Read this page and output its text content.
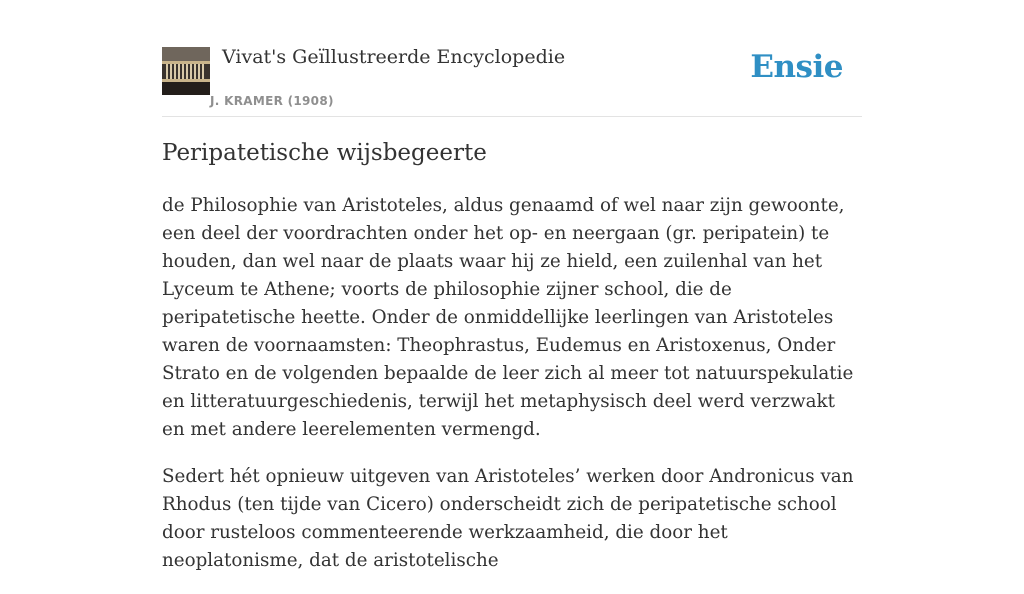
Vivat's Geïllustreerde Encyclopedie
J. KRAMER (1908)
Ensie
Peripatetische wijsbegeerte

de Philosophie van Aristoteles, aldus genaamd of wel naar zijn gewoonte, een deel der voordrachten onder het op- en neergaan (gr. peripatein) te houden, dan wel naar de plaats waar hij ze hield, een zuilenhal van het Lyceum te Athene; voorts de philosophie zijner school, die de peripatetische heette. Onder de onmiddellijke leerlingen van Aristoteles waren de voornaamsten: Theophrastus, Eudemus en Aristoxenus, Onder Strato en de volgenden bepaalde de leer zich al meer tot natuurspekulatie en litteratuurgeschiedenis, terwijl het metaphysisch deel werd verzwakt en met andere leerelementen vermengd.

Sedert hét opnieuw uitgeven van Aristoteles’ werken door Andronicus van Rhodus (ten tijde van Cicero) onderscheidt zich de peripatetische school door rusteloos commenteerende werkzaamheid, die door het neoplatonisme, dat de aristotelische
